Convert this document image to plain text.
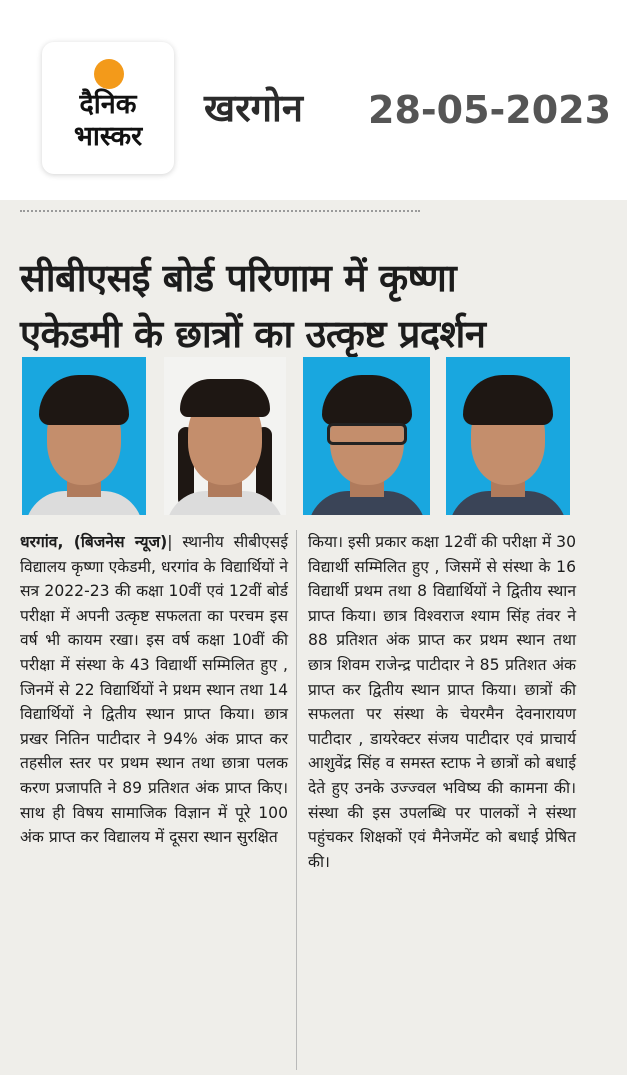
दैनिक
भास्कर
खरगोन 28-05-2023
सीबीएसई बोर्ड परिणाम में कृष्णा
एकेडमी के छात्रों का उत्कृष्ट प्रदर्शन
धरगांव, (बिजनेस न्यूज)| स्थानीय सीबीएसई विद्यालय कृष्णा एकेडमी, धरगांव के विद्यार्थियों ने सत्र 2022-23 की कक्षा 10वीं एवं 12वीं बोर्ड परीक्षा में अपनी उत्कृष्ट सफलता का परचम इस वर्ष भी कायम रखा। इस वर्ष कक्षा 10वीं की परीक्षा में संस्था के 43 विद्यार्थी सम्मिलित हुए , जिनमें से 22 विद्यार्थियों ने प्रथम स्थान तथा 14 विद्यार्थियों ने द्वितीय स्थान प्राप्त किया। छात्र प्रखर नितिन पाटीदार ने 94% अंक प्राप्त कर तहसील स्तर पर प्रथम स्थान तथा छात्रा पलक करण प्रजापति ने 89 प्रतिशत अंक प्राप्त किए। साथ ही विषय सामाजिक विज्ञान में पूरे 100 अंक प्राप्त कर विद्यालय में दूसरा स्थान सुरक्षित
किया। इसी प्रकार कक्षा 12वीं की परीक्षा में 30 विद्यार्थी सम्मिलित हुए , जिसमें से संस्था के 16 विद्यार्थी प्रथम तथा 8 विद्यार्थियों ने द्वितीय स्थान प्राप्त किया। छात्र विश्वराज श्याम सिंह तंवर ने 88 प्रतिशत अंक प्राप्त कर प्रथम स्थान तथा छात्र शिवम राजेन्द्र पाटीदार ने 85 प्रतिशत अंक प्राप्त कर द्वितीय स्थान प्राप्त किया। छात्रों की सफलता पर संस्था के चेयरमैन देवनारायण पाटीदार , डायरेक्टर संजय पाटीदार एवं प्राचार्य आशुवेंद्र सिंह व समस्त स्टाफ ने छात्रों को बधाई देते हुए उनके उज्ज्वल भविष्य की कामना की। संस्था की इस उपलब्धि पर पालकों ने संस्था पहुंचकर शिक्षकों एवं मैनेजमेंट को बधाई प्रेषित की।
